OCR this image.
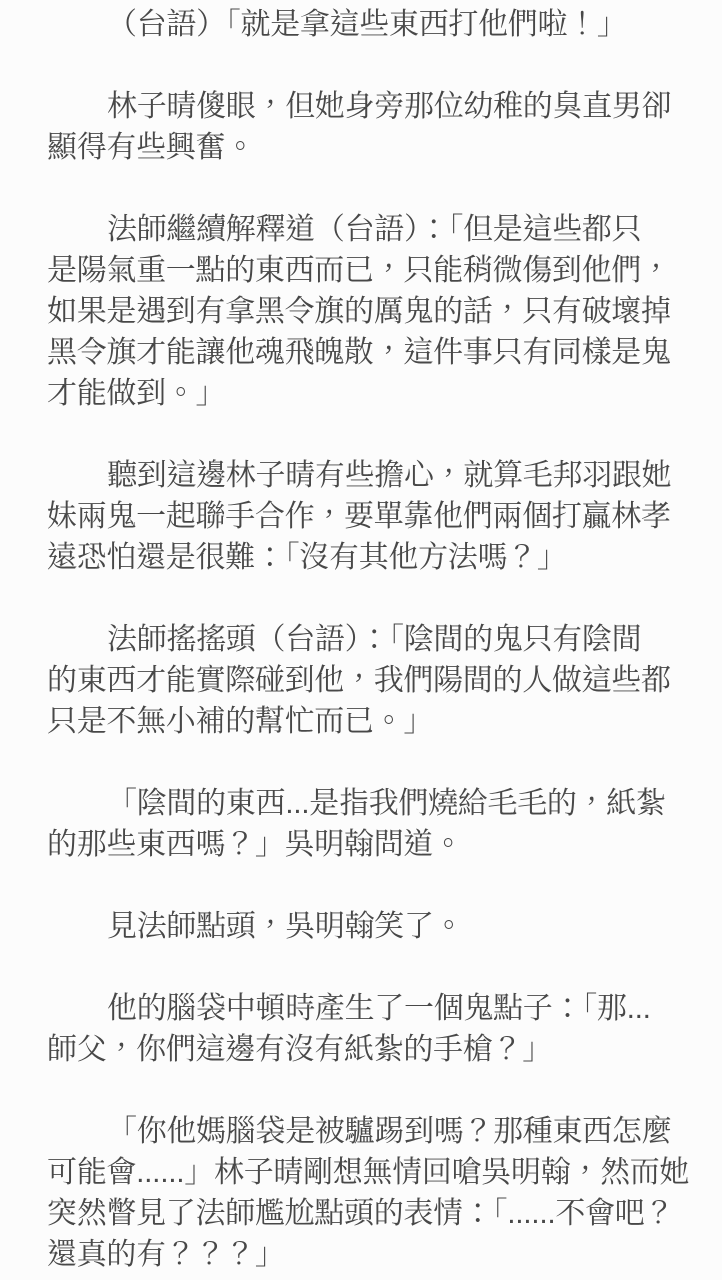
（台語）「就是拿這些東西打他們啦！」

林子晴傻眼，但她身旁那位幼稚的臭直男卻
顯得有些興奮。

法師繼續解釋道（台語）：「但是這些都只
是陽氣重一點的東西而已，只能稍微傷到他們，
如果是遇到有拿黑令旗的厲鬼的話，只有破壞掉
黑令旗才能讓他魂飛魄散，這件事只有同樣是鬼
才能做到。」

聽到這邊林子晴有些擔心，就算毛邦羽跟她
妹兩鬼一起聯手合作，要單靠他們兩個打贏林孝
遠恐怕還是很難：「沒有其他方法嗎？」

法師搖搖頭（台語）：「陰間的鬼只有陰間
的東西才能實際碰到他，我們陽間的人做這些都
只是不無小補的幫忙而已。」

「陰間的東西...是指我們燒給毛毛的，紙紮
的那些東西嗎？」吳明翰問道。

見法師點頭，吳明翰笑了。

他的腦袋中頓時產生了一個鬼點子：「那...
師父，你們這邊有沒有紙紮的手槍？」

「你他媽腦袋是被驢踢到嗎？那種東西怎麼
可能會......」林子晴剛想無情回嗆吳明翰，然而她
突然瞥見了法師尷尬點頭的表情：「......不會吧？
還真的有？？？」
